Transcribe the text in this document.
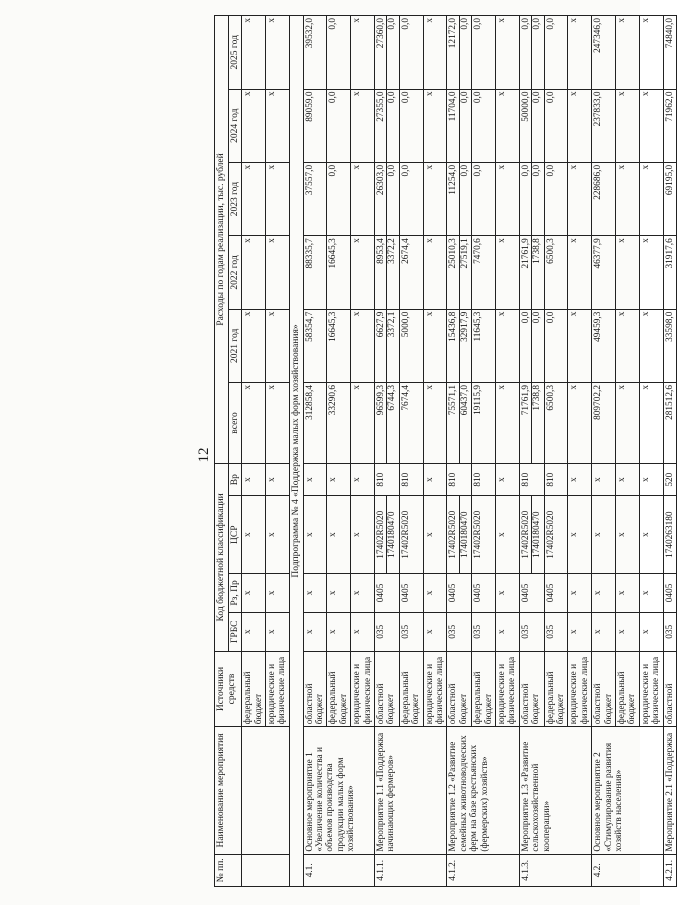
12
№ пп.	Наименование мероприятия	Источники средств	Код бюджетной классификации				Расходы по годам реализации, тыс. рублей					
			ГРБС	Рз, Пр	ЦСР	Вр	всего	2021 год	2022 год	2023 год	2024 год	2025 год
		федеральный бюджет	х	х	х	х	х	х	х	х	х	х

		юридические и физические лица	х	х	х	х	х	х	х	х	х	х

Подпрограмма № 4 «Поддержка малых форм хозяйствования»												
4.1.	Основное мероприятие 1 «Увеличение количества и объемов производства продукции малых форм хозяйствования»	областной бюджет	х	х	х	х	312858,4	58354,7	88335,7	37557,0	89059,0	39532,0

		федеральный бюджет	х	х	х	х	33290,6	16645,3	16645,3	0,0	0,0	0,0

		юридические и физические лица	х	х	х	х	х	х	х	х	х	х

4.1.1.	Мероприятие 1.1 «Поддержка начинающих фермеров»	областной бюджет	035	0405	17402R5020 1740180470	810	96599,3 6744,3	6627,9 3372,1	8953,4 3372,2	26303,0 0,0	27355,0 0,0	27360,0 0,0

		федеральный бюджет	035	0405	17402R5020	810	7674,4	5000,0	2674,4	0,0	0,0	0,0

		юридические и физические лица	х	х	х	х	х	х	х	х	х	х

4.1.2.	Мероприятие 1.2 «Развитие семейных животноводческих ферм на базе крестьянских (фермерских) хозяйств»	областной бюджет	035	0405	17402R5020 1740180470	810	75571,1 60437,0	15436,8 32917,9	25010,3 27519,1	11254,0 0,0	11704,0 0,0	12172,0 0,0

		федеральный бюджет	035	0405	17402R5020	810	19115,9	11645,3	7470,6	0,0	0,0	0,0

		юридические и физические лица	х	х	х	х	х	х	х	х	х	х

4.1.3.	Мероприятие 1.3 «Развитие сельскохозяйственной кооперации»	областной бюджет	035	0405	17402R5020 1740180470	810	71761,9 1738,8	0,0 0,0	21761,9 1738,8	0,0 0,0	50000,0 0,0	0,0 0,0

		федеральный бюджет	035	0405	17402R5020	810	6500,3	0,0	6500,3	0,0	0,0	0,0

		юридические и физические лица	х	х	х	х	х	х	х	х	х	х

4.2.	Основное мероприятие 2 «Стимулирование развития хозяйств населения»	областной бюджет	х	х	х	х	809702,2	49459,3	46377,9	228686,0	237833,0	247346,0

		федеральный бюджет	х	х	х	х	х	х	х	х	х	х

		юридические и физические лица	х	х	х	х	х	х	х	х	х	х

4.2.1.	Мероприятие 2.1 «Поддержка	областной	035	0405	1740263180	520	281512,6	33598,0	31917,6	69195,0	71962,0	74840,0
